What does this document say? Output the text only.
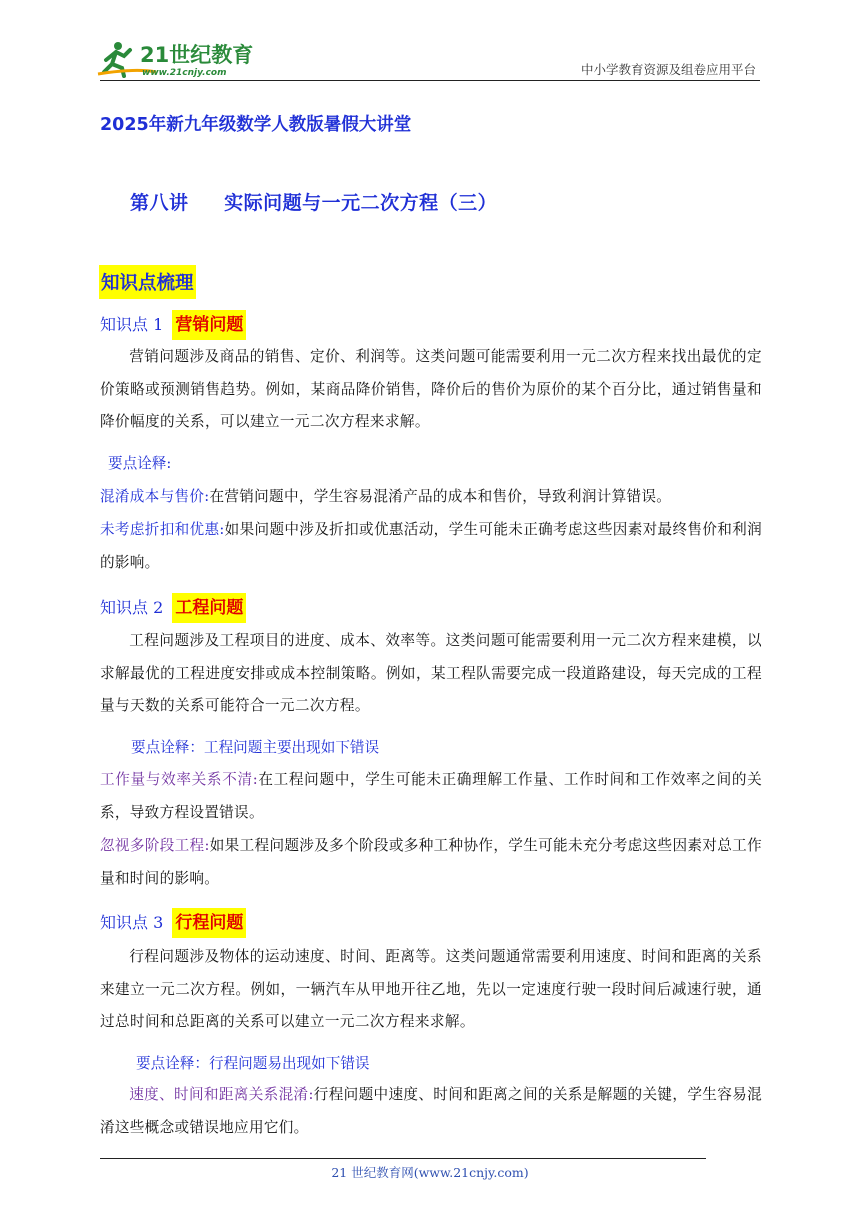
21世纪教育
www.21cnjy.com	中小学教育资源及组卷应用平台
2025年新九年级数学人教版暑假大讲堂
第八讲     实际问题与一元二次方程（三）
知识点梳理
知识点 1 营销问题
营销问题涉及商品的销售、定价、利润等。这类问题可能需要利用一元二次方程来找出最优的定价策略或预测销售趋势。例如，某商品降价销售，降价后的售价为原价的某个百分比，通过销售量和降价幅度的关系，可以建立一元二次方程来求解。
要点诠释:
混淆成本与售价:在营销问题中，学生容易混淆产品的成本和售价，导致利润计算错误。
未考虑折扣和优惠:如果问题中涉及折扣或优惠活动，学生可能未正确考虑这些因素对最终售价和利润的影响。
知识点 2 工程问题
工程问题涉及工程项目的进度、成本、效率等。这类问题可能需要利用一元二次方程来建模，以求解最优的工程进度安排或成本控制策略。例如，某工程队需要完成一段道路建设，每天完成的工程量与天数的关系可能符合一元二次方程。
要点诠释：工程问题主要出现如下错误
工作量与效率关系不清:在工程问题中，学生可能未正确理解工作量、工作时间和工作效率之间的关系，导致方程设置错误。
忽视多阶段工程:如果工程问题涉及多个阶段或多种工种协作，学生可能未充分考虑这些因素对总工作量和时间的影响。
知识点 3 行程问题
行程问题涉及物体的运动速度、时间、距离等。这类问题通常需要利用速度、时间和距离的关系来建立一元二次方程。例如，一辆汽车从甲地开往乙地，先以一定速度行驶一段时间后减速行驶，通过总时间和总距离的关系可以建立一元二次方程来求解。
要点诠释：行程问题易出现如下错误
速度、时间和距离关系混淆:行程问题中速度、时间和距离之间的关系是解题的关键，学生容易混淆这些概念或错误地应用它们。
21 世纪教育网(www.21cnjy.com)
